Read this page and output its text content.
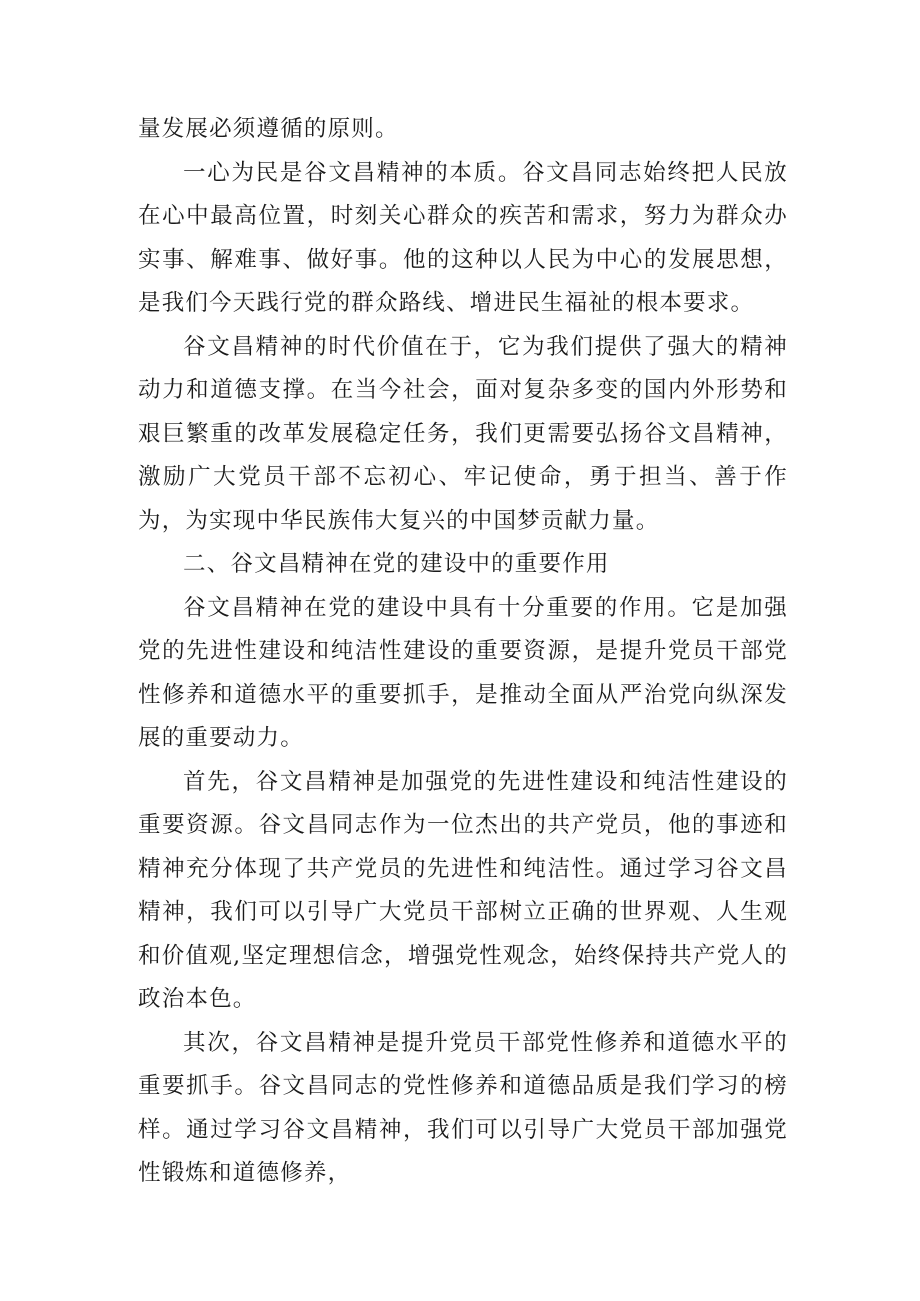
量发展必须遵循的原则。

一心为民是谷文昌精神的本质。谷文昌同志始终把人民放在心中最高位置，时刻关心群众的疾苦和需求，努力为群众办实事、解难事、做好事。他的这种以人民为中心的发展思想，是我们今天践行党的群众路线、增进民生福祉的根本要求。

谷文昌精神的时代价值在于，它为我们提供了强大的精神动力和道德支撑。在当今社会，面对复杂多变的国内外形势和艰巨繁重的改革发展稳定任务，我们更需要弘扬谷文昌精神，激励广大党员干部不忘初心、牢记使命，勇于担当、善于作为，为实现中华民族伟大复兴的中国梦贡献力量。

二、谷文昌精神在党的建设中的重要作用

谷文昌精神在党的建设中具有十分重要的作用。它是加强党的先进性建设和纯洁性建设的重要资源，是提升党员干部党性修养和道德水平的重要抓手，是推动全面从严治党向纵深发展的重要动力。

首先，谷文昌精神是加强党的先进性建设和纯洁性建设的重要资源。谷文昌同志作为一位杰出的共产党员，他的事迹和精神充分体现了共产党员的先进性和纯洁性。通过学习谷文昌精神，我们可以引导广大党员干部树立正确的世界观、人生观和价值观,坚定理想信念，增强党性观念，始终保持共产党人的政治本色。

其次，谷文昌精神是提升党员干部党性修养和道德水平的重要抓手。谷文昌同志的党性修养和道德品质是我们学习的榜样。通过学习谷文昌精神，我们可以引导广大党员干部加强党性锻炼和道德修养，
